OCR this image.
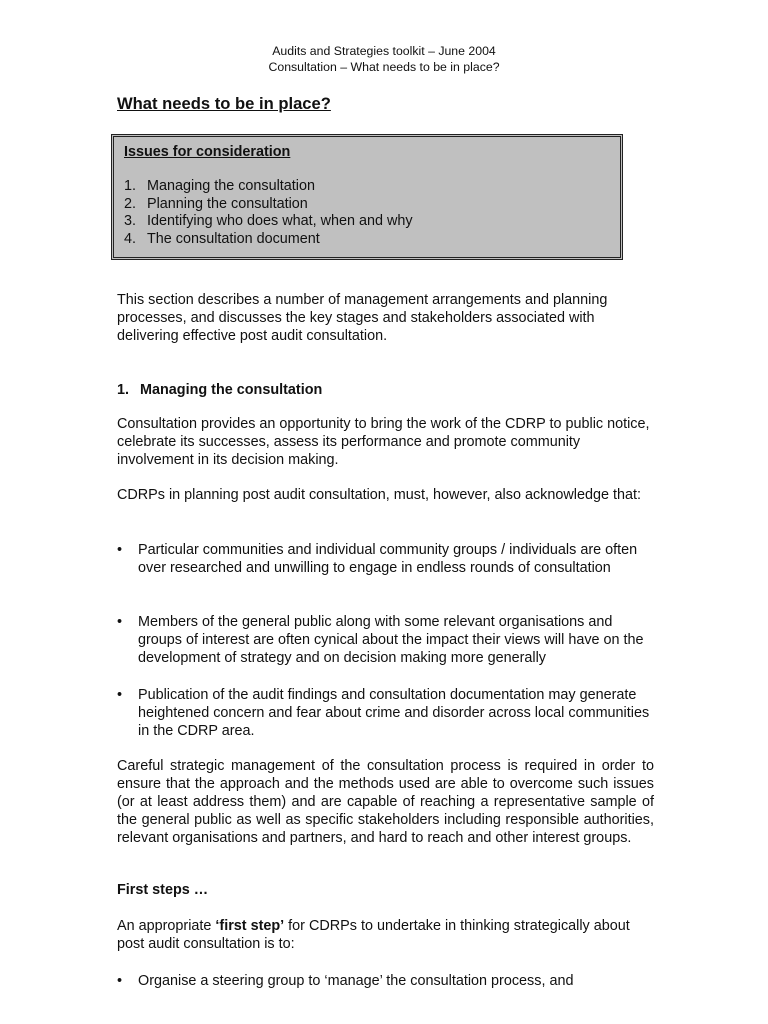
Audits and Strategies toolkit – June 2004
Consultation – What needs to be in place?
What needs to be in place?
Issues for consideration
1. Managing the consultation
2. Planning the consultation
3. Identifying who does what, when and why
4. The consultation document

This section describes a number of management arrangements and planning processes, and discusses the key stages and stakeholders associated with delivering effective post audit consultation.

1. Managing the consultation

Consultation provides an opportunity to bring the work of the CDRP to public notice, celebrate its successes, assess its performance and promote community involvement in its decision making.

CDRPs in planning post audit consultation, must, however, also acknowledge that:

• Particular communities and individual community groups / individuals are often over researched and unwilling to engage in endless rounds of consultation
• Members of the general public along with some relevant organisations and groups of interest are often cynical about the impact their views will have on the development of strategy and on decision making more generally
• Publication of the audit findings and consultation documentation may generate heightened concern and fear about crime and disorder across local communities in the CDRP area.

Careful strategic management of the consultation process is required in order to ensure that the approach and the methods used are able to overcome such issues (or at least address them) and are capable of reaching a representative sample of the general public as well as specific stakeholders including responsible authorities, relevant organisations and partners, and hard to reach and other interest groups.

First steps …

An appropriate ‘first step’ for CDRPs to undertake in thinking strategically about post audit consultation is to:

• Organise a steering group to ‘manage’ the consultation process, and
